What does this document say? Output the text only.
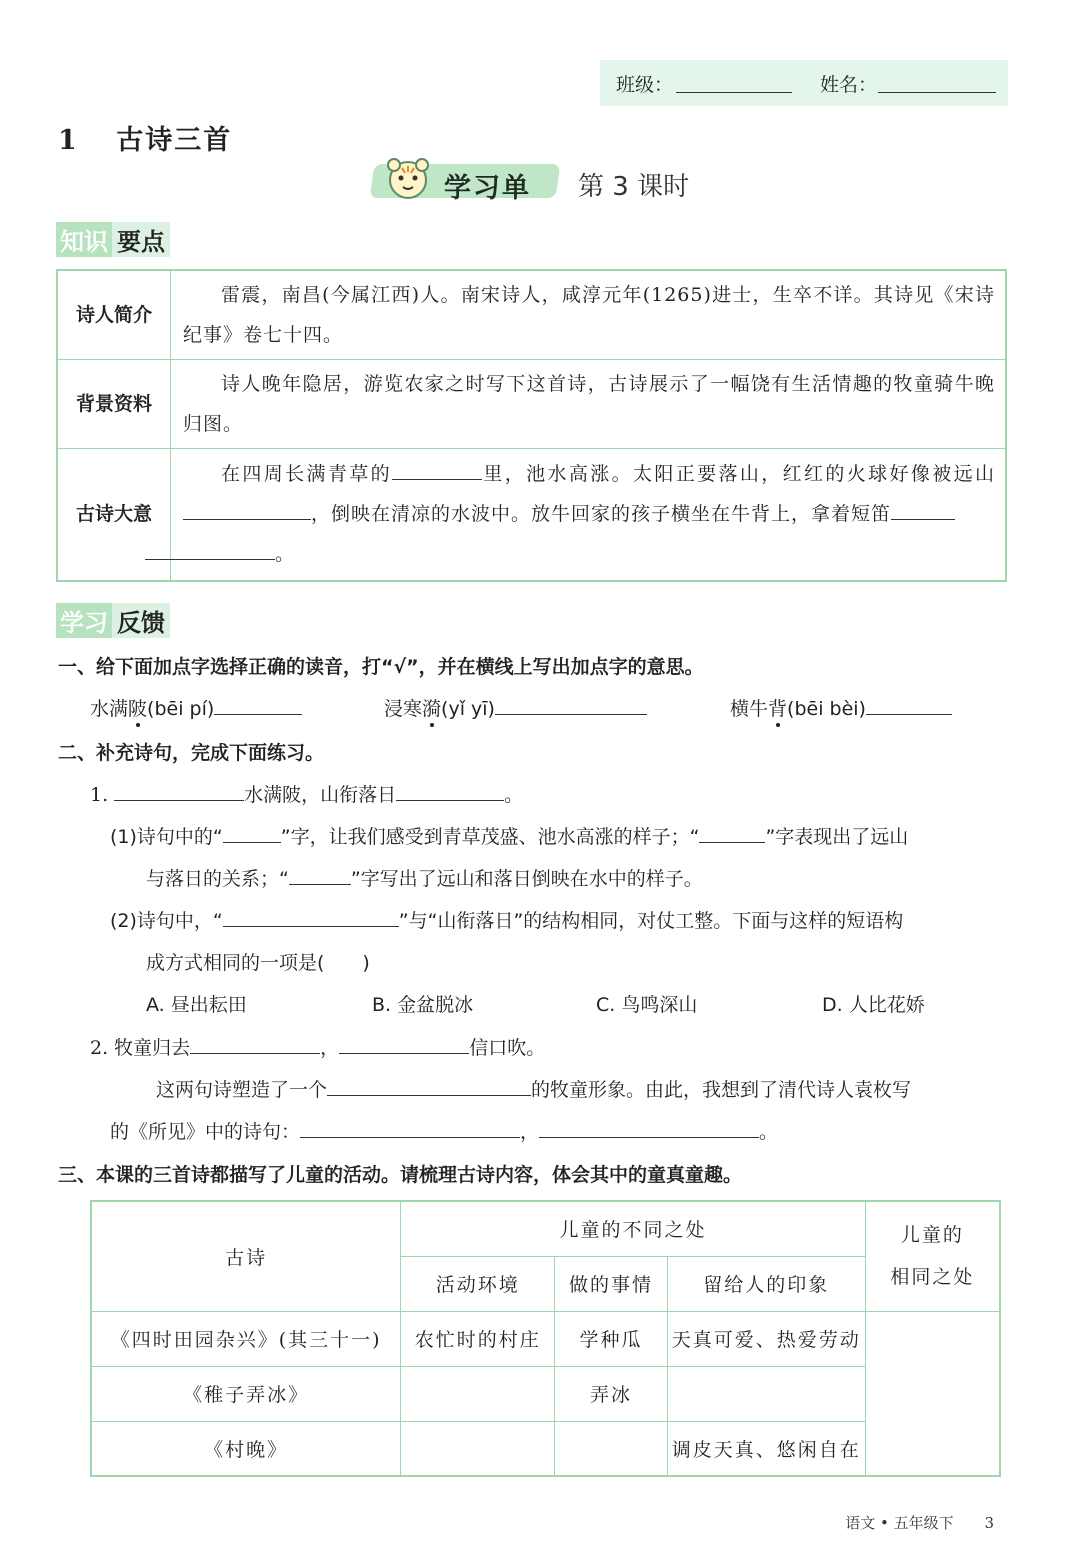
班级：	姓名：
1 古诗三首
学习单 第 3 课时
知识 要点
诗人简介	雷震，南昌(今属江西)人。南宋诗人，咸淳元年(1265)进士，生卒不详。其诗见《宋诗纪事》卷七十四。
背景资料	诗人晚年隐居，游览农家之时写下这首诗，古诗展示了一幅饶有生活情趣的牧童骑牛晚归图。
古诗大意	在四周长满青草的 里，池水高涨。太阳正要落山，红红的火球好像被远山，倒映在清凉的水波中。放牛回家的孩子横坐在牛背上，拿着短笛
。
学习 反馈
一、给下面加点字选择正确的读音，打“√”，并在横线上写出加点字的意思。
水满陂(bēi pí)	浸寒漪(yǐ yī)	横牛背(bēi bèi)
二、补充诗句，完成下面练习。
1.	水满陂，山衔落日	。
(1)诗句中的“	”字，让我们感受到青草茂盛、池水高涨的样子；“	”字表现出了远山
与落日的关系；“	”字写出了远山和落日倒映在水中的样子。
(2)诗句中，“	”与“山衔落日”的结构相同，对仗工整。下面与这样的短语构
成方式相同的一项是(　　)
A. 昼出耘田	B. 金盆脱冰	C. 鸟鸣深山	D. 人比花娇
2. 牧童归去	，	信口吹。
这两句诗塑造了一个	的牧童形象。由此，我想到了清代诗人袁枚写
的《所见》中的诗句：	，	。
三、本课的三首诗都描写了儿童的活动。请梳理古诗内容，体会其中的童真童趣。
古诗	儿童的不同之处			儿童的
相同之处
	活动环境	做的事情	留给人的印象	
《四时田园杂兴》(其三十一)	农忙时的村庄	学种瓜	天真可爱、热爱劳动	
《稚子弄冰》		弄冰		
《村晚》			调皮天真、悠闲自在	
语文 • 五年级下 3
